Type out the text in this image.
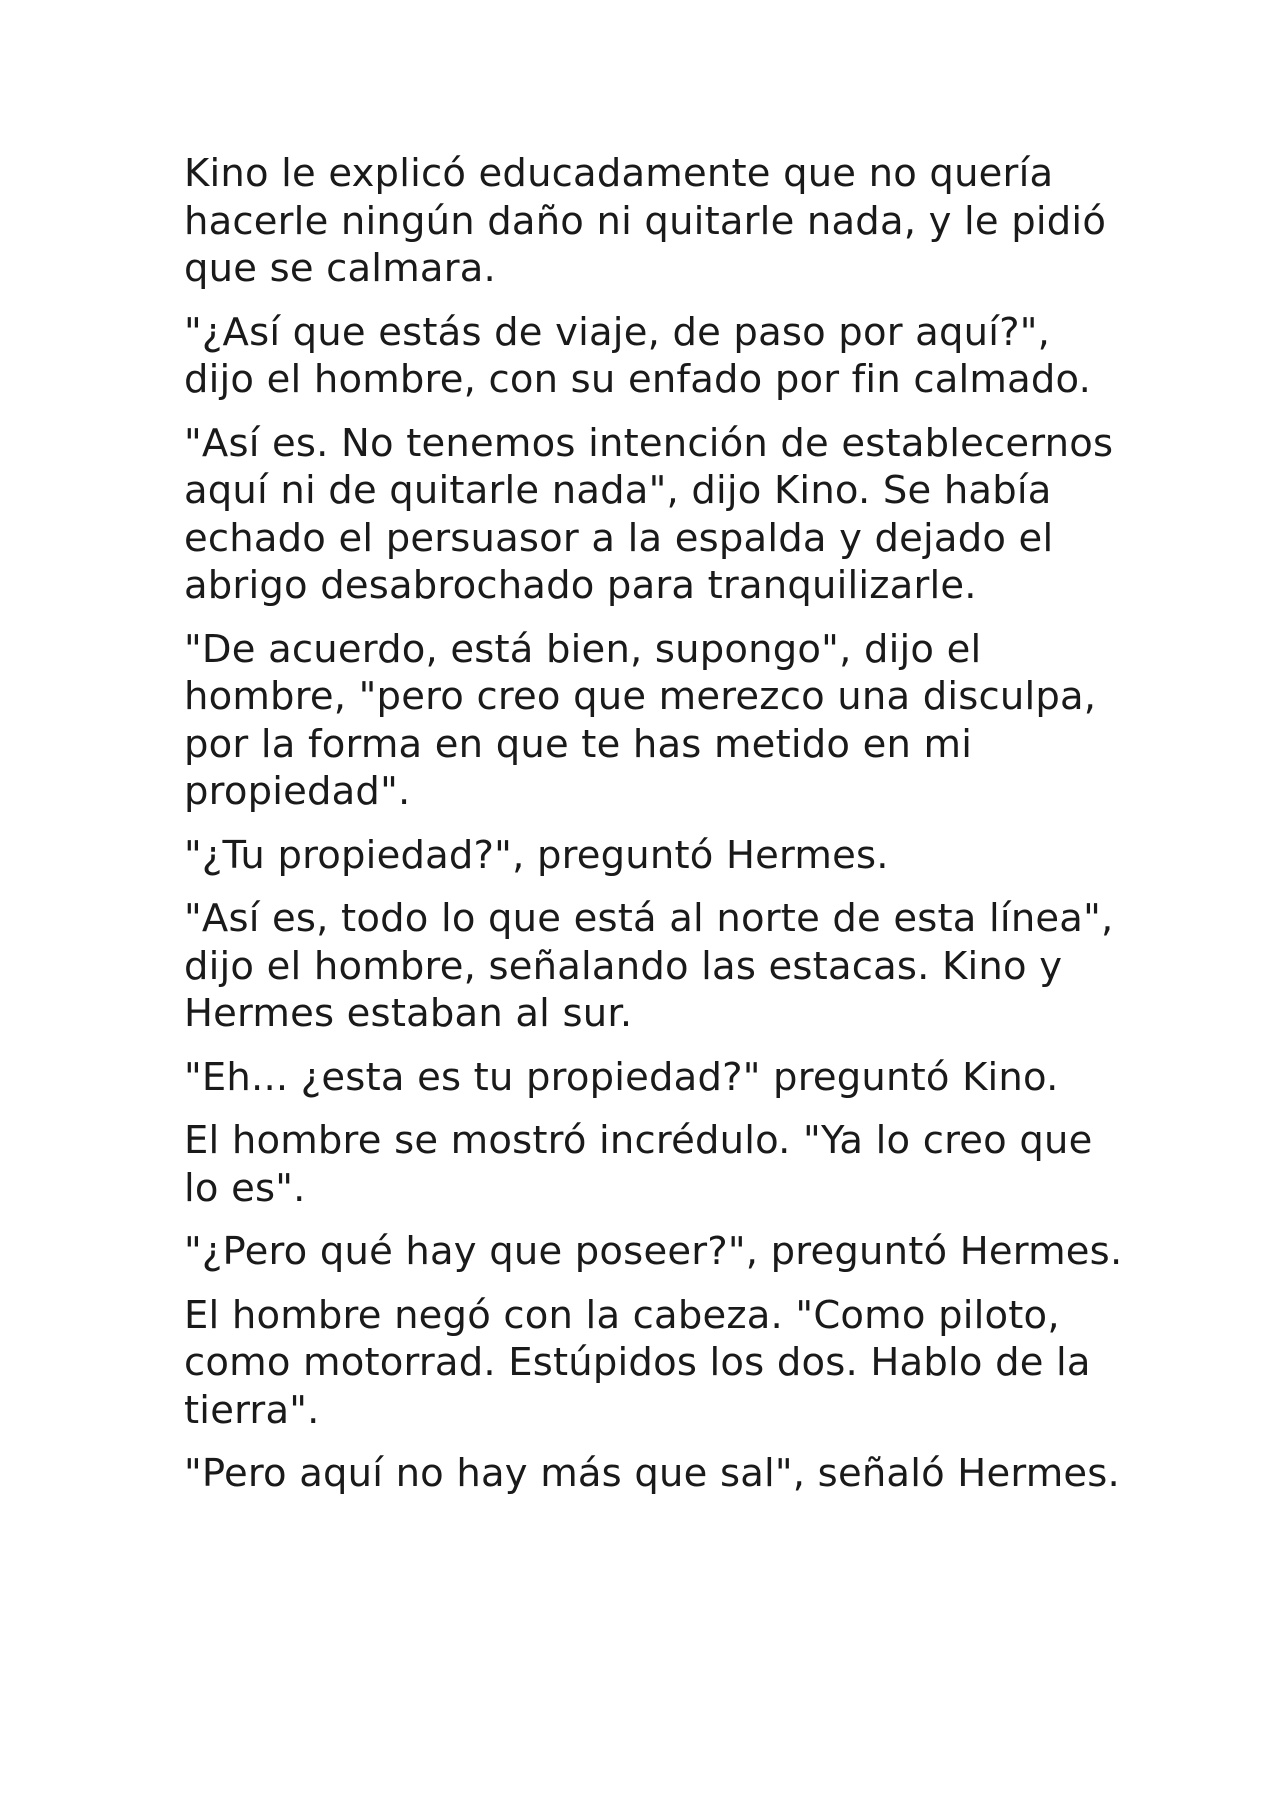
Kino le explicó educadamente que no quería hacerle ningún daño ni quitarle nada, y le pidió que se calmara.

"¿Así que estás de viaje, de paso por aquí?", dijo el hombre, con su enfado por fin calmado.

"Así es. No tenemos intención de establecernos aquí ni de quitarle nada", dijo Kino. Se había echado el persuasor a la espalda y dejado el abrigo desabrochado para tranquilizarle.

"De acuerdo, está bien, supongo", dijo el hombre, "pero creo que merezco una disculpa, por la forma en que te has metido en mi propiedad".

"¿Tu propiedad?", preguntó Hermes.

"Así es, todo lo que está al norte de esta línea", dijo el hombre, señalando las estacas. Kino y Hermes estaban al sur.

"Eh... ¿esta es tu propiedad?" preguntó Kino.

El hombre se mostró incrédulo. "Ya lo creo que lo es".

"¿Pero qué hay que poseer?", preguntó Hermes.

El hombre negó con la cabeza. "Como piloto, como motorrad. Estúpidos los dos. Hablo de la tierra".

"Pero aquí no hay más que sal", señaló Hermes.
